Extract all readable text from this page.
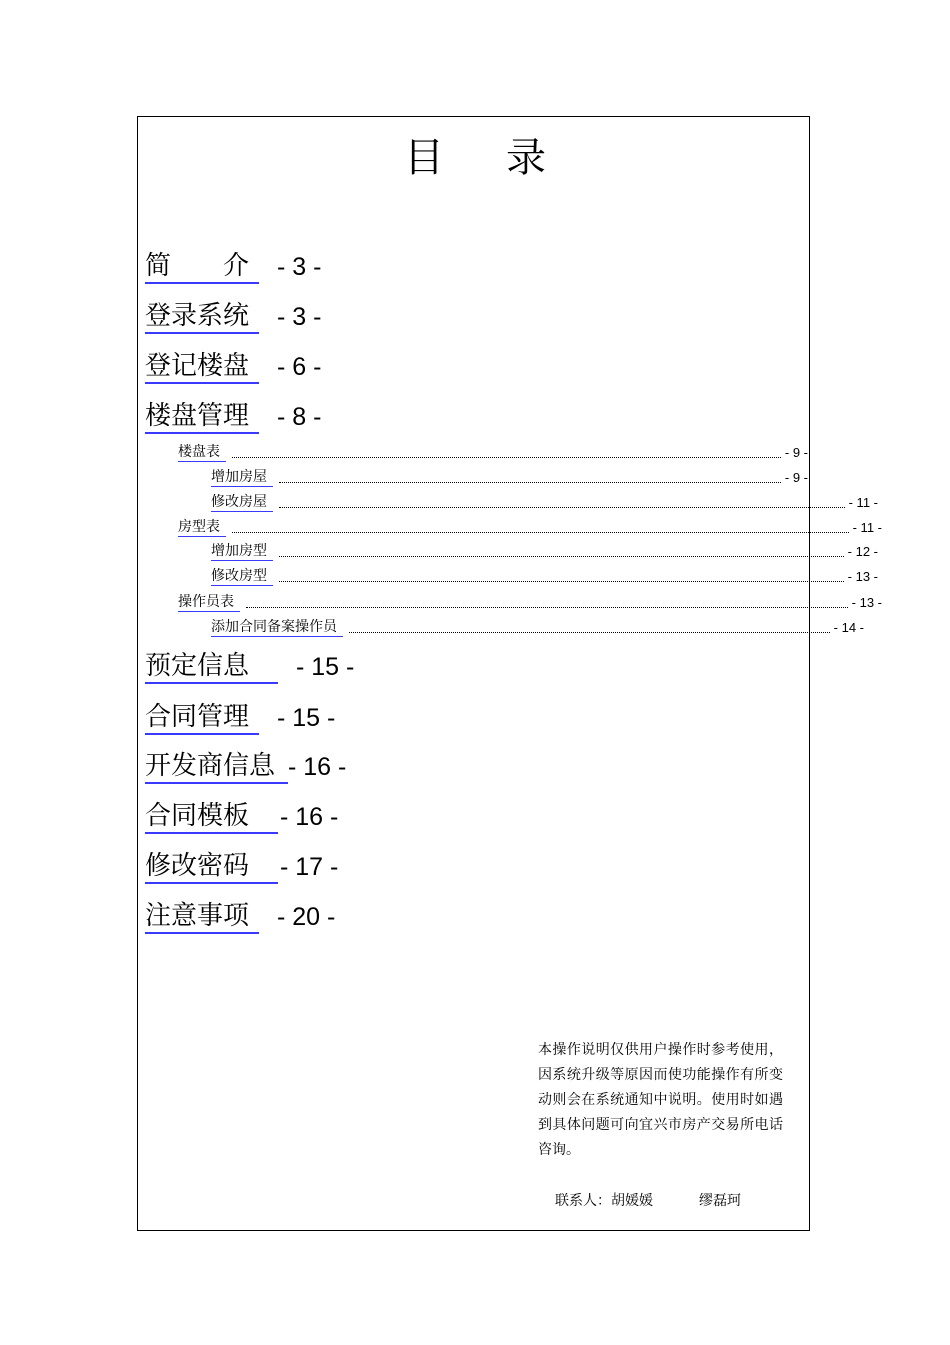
目 录
简　　介	- 3 -
登录系统	- 3 -
登记楼盘	- 6 -
楼盘管理	- 8 -
楼盘表	- 9 -
增加房屋	- 9 -
修改房屋	- 11 -
房型表	- 11 -
增加房型	- 12 -
修改房型	- 13 -
操作员表	- 13 -
添加合同备案操作员	- 14 -
预定信息	- 15 -
合同管理	- 15 -
开发商信息 - 16 -
合同模板	- 16 -
修改密码	- 17 -
注意事项	- 20 -
本操作说明仅供用户操作时参考使用，因系统升级等原因而使功能操作有所变动则会在系统通知中说明。使用时如遇到具体问题可向宜兴市房产交易所电话咨询。
联系人：胡媛媛	缪磊珂
